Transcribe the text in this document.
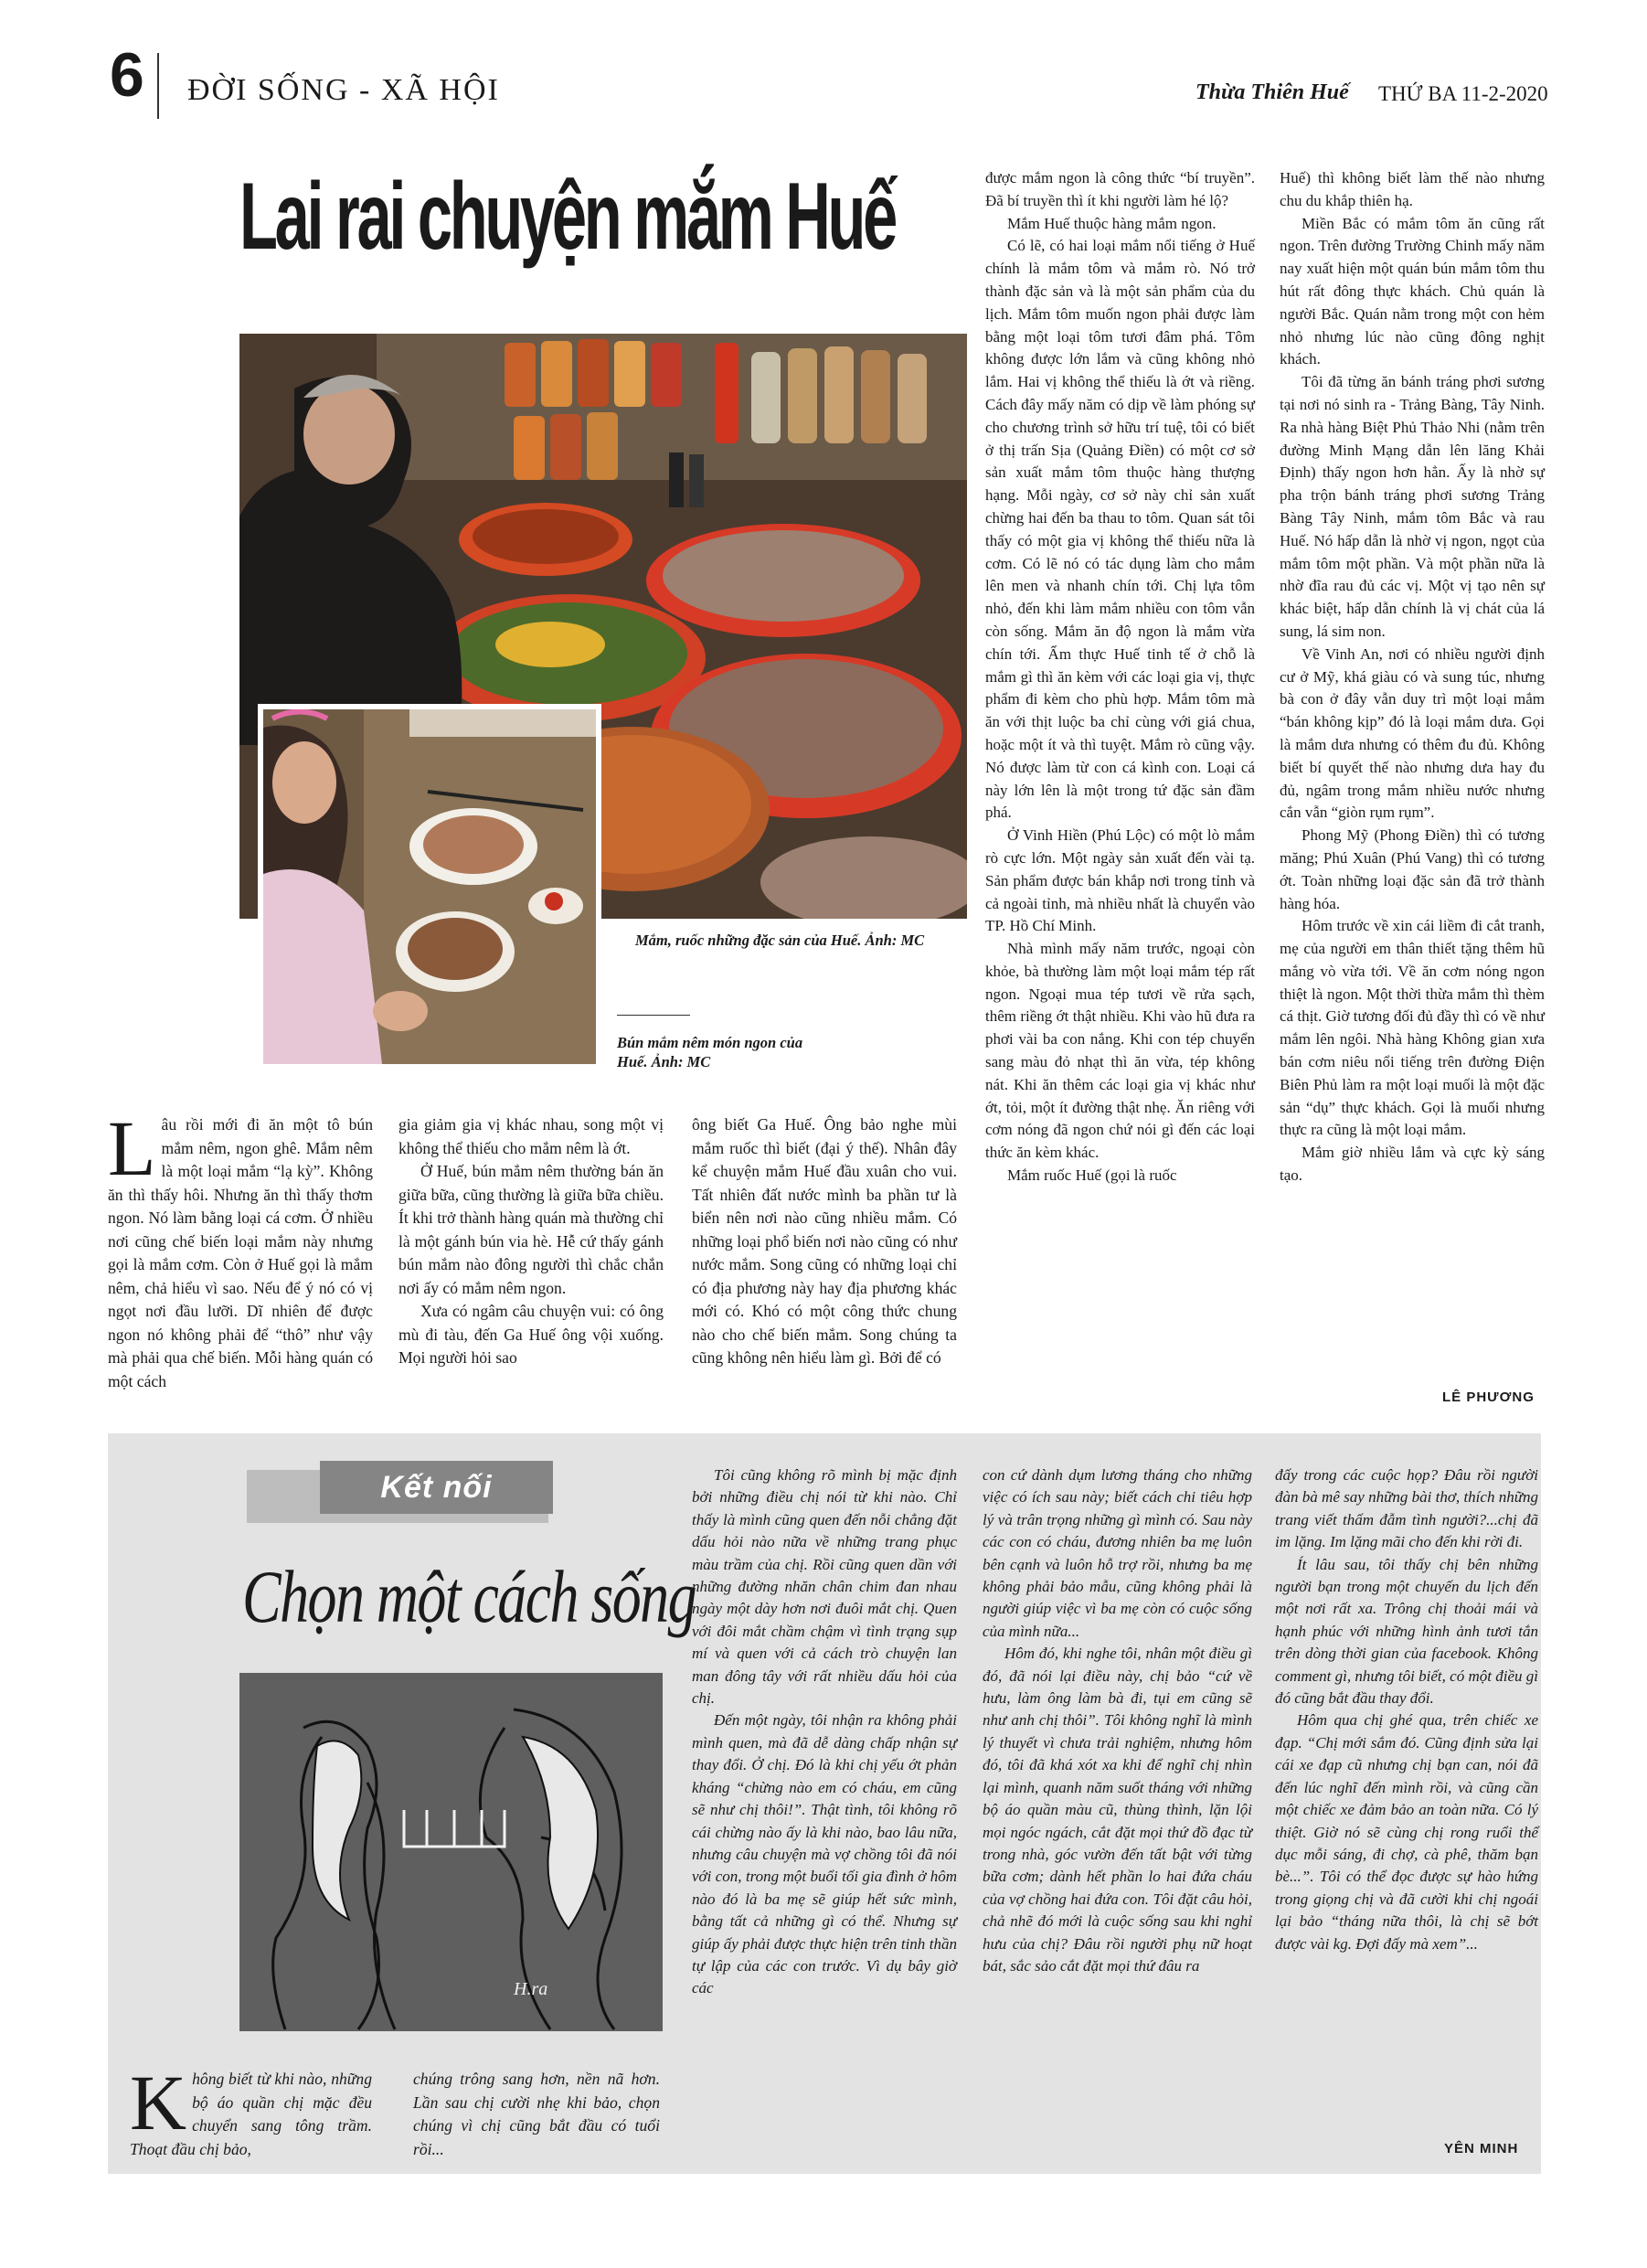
6 ĐỜI SỐNG - XÃ HỘI	Thừa Thiên Huế THỨ BA 11-2-2020
Lai rai chuyện mắm Huế
Mắm, ruốc những đặc sản của Huế. Ảnh: MC
Bún mắm nêm món ngon của Huế. Ảnh: MC
L âu rồi mới đi ăn một tô bún mắm nêm, ngon ghê. Mắm nêm là một loại mắm “lạ kỳ”. Không ăn thì thấy hôi. Nhưng ăn thì thấy thơm ngon. Nó làm bằng loại cá cơm. Ở nhiều nơi cũng chế biến loại mắm này nhưng gọi là mắm cơm. Còn ở Huế gọi là mắm nêm, chả hiểu vì sao. Nếu để ý nó có vị ngọt nơi đầu lưỡi. Dĩ nhiên để được ngon nó không phải để “thô” như vậy mà phải qua chế biến. Mỗi hàng quán có một cách

gia giảm gia vị khác nhau, song một vị không thể thiếu cho mắm nêm là ớt.

Ở Huế, bún mắm nêm thường bán ăn giữa bữa, cũng thường là giữa bữa chiều. Ít khi trở thành hàng quán mà thường chỉ là một gánh bún via hè. Hễ cứ thấy gánh bún mắm nào đông người thì chắc chắn nơi ấy có mắm nêm ngon.

Xưa có ngâm câu chuyện vui: có ông mù đi tàu, đến Ga Huế ông vội xuống. Mọi người hỏi sao

ông biết Ga Huế. Ông bảo nghe mùi mắm ruốc thì biết (đại ý thế). Nhân đây kể chuyện mắm Huế đầu xuân cho vui. Tất nhiên đất nước mình ba phần tư là biển nên nơi nào cũng nhiều mắm. Có những loại phổ biến nơi nào cũng có như nước mắm. Song cũng có những loại chỉ có địa phương này hay địa phương khác mới có. Khó có một công thức chung nào cho chế biến mắm. Song chúng ta cũng không nên hiểu làm gì. Bởi để có

được mắm ngon là công thức “bí truyền”. Đã bí truyền thì ít khi người làm hé lộ?

Mắm Huế thuộc hàng mắm ngon.

Có lẽ, có hai loại mắm nổi tiếng ở Huế chính là mắm tôm và mắm rò. Nó trở thành đặc sản và là một sản phẩm của du lịch. Mắm tôm muốn ngon phải được làm bằng một loại tôm tươi đâm phá. Tôm không được lớn lắm và cũng không nhỏ lắm. Hai vị không thể thiếu là ớt và riềng. Cách đây mấy năm có dịp về làm phóng sự cho chương trình sở hữu trí tuệ, tôi có biết ở thị trấn Sịa (Quảng Điền) có một cơ sở sản xuất mắm tôm thuộc hàng thượng hạng. Mỗi ngày, cơ sở này chỉ sản xuất chừng hai đến ba thau to tôm. Quan sát tôi thấy có một gia vị không thể thiếu nữa là cơm. Có lẽ nó có tác dụng làm cho mắm lên men và nhanh chín tới. Chị lựa tôm nhỏ, đến khi làm mắm nhiều con tôm vẫn còn sống. Mắm ăn độ ngon là mắm vừa chín tới. Ẩm thực Huế tinh tế ở chỗ là mắm gì thì ăn kèm với các loại gia vị, thực phẩm đi kèm cho phù hợp. Mắm tôm mà ăn với thịt luộc ba chỉ cùng với giá chua, hoặc một ít và thì tuyệt. Mắm rò cũng vậy. Nó được làm từ con cá kình con. Loại cá này lớn lên là một trong tứ đặc sản đầm phá.

Ở Vinh Hiền (Phú Lộc) có một lò mắm rò cực lớn. Một ngày sản xuất đến vài tạ. Sản phẩm được bán khắp nơi trong tỉnh và cả ngoài tỉnh, mà nhiều nhất là chuyển vào TP. Hồ Chí Minh.

Nhà mình mấy năm trước, ngoại còn khỏe, bà thường làm một loại mắm tép rất ngon. Ngoại mua tép tươi về rửa sạch, thêm riềng ớt thật nhiều. Khi vào hũ đưa ra phơi vài ba con nắng. Khi con tép chuyển sang màu đỏ nhạt thì ăn vừa, tép không nát. Khi ăn thêm các loại gia vị khác như ớt, tỏi, một ít đường thật nhẹ. Ăn riêng với cơm nóng đã ngon chứ nói gì đến các loại thức ăn kèm khác.

Mắm ruốc Huế (gọi là ruốc

Huế) thì không biết làm thế nào nhưng chu du khắp thiên hạ.

Miền Bắc có mắm tôm ăn cũng rất ngon. Trên đường Trường Chinh mấy năm nay xuất hiện một quán bún mắm tôm thu hút rất đông thực khách. Chủ quán là người Bắc. Quán nằm trong một con hẻm nhỏ nhưng lúc nào cũng đông nghịt khách.

Tôi đã từng ăn bánh tráng phơi sương tại nơi nó sinh ra - Trảng Bàng, Tây Ninh. Ra nhà hàng Biệt Phủ Thảo Nhi (nằm trên đường Minh Mạng dẫn lên lăng Khải Định) thấy ngon hơn hẳn. Ấy là nhờ sự pha trộn bánh tráng phơi sương Trảng Bàng Tây Ninh, mắm tôm Bắc và rau Huế. Nó hấp dẫn là nhờ vị ngon, ngọt của mắm tôm một phần. Và một phần nữa là nhờ đĩa rau đủ các vị. Một vị tạo nên sự khác biệt, hấp dẫn chính là vị chát của lá sung, lá sim non.

Về Vinh An, nơi có nhiều người định cư ở Mỹ, khá giàu có và sung túc, nhưng bà con ở đây vẫn duy trì một loại mắm “bán không kịp” đó là loại mắm dưa. Gọi là mắm dưa nhưng có thêm đu đủ. Không biết bí quyết thế nào nhưng dưa hay đu đủ, ngâm trong mắm nhiều nước nhưng cắn vẫn “giòn rụm rụm”.

Phong Mỹ (Phong Điền) thì có tương măng; Phú Xuân (Phú Vang) thì có tương ớt. Toàn những loại đặc sản đã trở thành hàng hóa.

Hôm trước về xin cái liềm đi cắt tranh, mẹ của người em thân thiết tặng thêm hũ mắng vò vừa tới. Về ăn cơm nóng ngon thiệt là ngon. Một thời thừa mắm thì thèm cá thịt. Giờ tương đối đủ đầy thì có về như mắm lên ngôi. Nhà hàng Không gian xưa bán cơm niêu nổi tiếng trên đường Điện Biên Phủ làm ra một loại muối là một đặc sản “dụ” thực khách. Gọi là muối nhưng thực ra cũng là một loại mắm.

Mắm giờ nhiều lắm và cực kỳ sáng tạo.

LÊ PHƯƠNG
Kết nối
Chọn một cách sống
H.ra
K hông biết từ khi nào, những bộ áo quần chị mặc đều chuyển sang tông trầm. Thoạt đầu chị bảo,

chúng trông sang hơn, nền nã hơn. Lần sau chị cười nhẹ khi bảo, chọn chúng vì chị cũng bắt đầu có tuổi rồi...

Tôi cũng không rõ mình bị mặc định bởi những điều chị nói từ khi nào. Chỉ thấy là mình cũng quen đến nỗi chẳng đặt dấu hỏi nào nữa về những trang phục màu trầm của chị. Rồi cũng quen dần với những đường nhăn chân chim đan nhau ngày một dày hơn nơi đuôi mắt chị. Quen với đôi mắt chầm chậm vì tình trạng sụp mí và quen với cả cách trò chuyện lan man đông tây với rất nhiều dấu hỏi của chị.

Đến một ngày, tôi nhận ra không phải mình quen, mà đã dễ dàng chấp nhận sự thay đổi. Ở chị. Đó là khi chị yếu ớt phản kháng “chừng nào em có cháu, em cũng sẽ như chị thôi!”. Thật tình, tôi không rõ cái chừng nào ấy là khi nào, bao lâu nữa, nhưng câu chuyện mà vợ chồng tôi đã nói với con, trong một buổi tối gia đình ở hôm nào đó là ba mẹ sẽ giúp hết sức mình, bằng tất cả những gì có thể. Nhưng sự giúp ấy phải được thực hiện trên tinh thần tự lập của các con trước. Vì dụ bây giờ các

con cứ dành dụm lương tháng cho những việc có ích sau này; biết cách chi tiêu hợp lý và trân trọng những gì mình có. Sau này các con có cháu, đương nhiên ba mẹ luôn bên cạnh và luôn hỗ trợ rồi, nhưng ba mẹ không phải bảo mẫu, cũng không phải là người giúp việc vì ba mẹ còn có cuộc sống của mình nữa...

Hôm đó, khi nghe tôi, nhân một điều gì đó, đã nói lại điều này, chị bảo “cứ về hưu, làm ông làm bà đi, tụi em cũng sẽ như anh chị thôi”. Tôi không nghĩ là mình lý thuyết vì chưa trải nghiệm, nhưng hôm đó, tôi đã khá xót xa khi để nghĩ chị nhìn lại mình, quanh năm suốt tháng với những bộ áo quần màu cũ, thùng thình, lặn lội mọi ngóc ngách, cắt đặt mọi thứ đồ đạc từ trong nhà, góc vườn đến tất bật với từng bữa cơm; dành hết phần lo hai đứa cháu của vợ chồng hai đứa con. Tôi đặt câu hỏi, chả nhẽ đó mới là cuộc sống sau khi nghỉ hưu của chị? Đâu rồi người phụ nữ hoạt bát, sắc sảo cắt đặt mọi thứ đâu ra

đấy trong các cuộc họp? Đâu rồi người đàn bà mê say những bài thơ, thích những trang viết thấm đẫm tình người?...chị đã im lặng. Im lặng mãi cho đến khi rời đi.

Ít lâu sau, tôi thấy chị bên những người bạn trong một chuyến du lịch đến một nơi rất xa. Trông chị thoải mái và hạnh phúc với những hình ảnh tươi tắn trên dòng thời gian của facebook. Không comment gì, nhưng tôi biết, có một điều gì đó cũng bắt đầu thay đổi.

Hôm qua chị ghé qua, trên chiếc xe đạp. “Chị mới sắm đó. Cũng định sửa lại cái xe đạp cũ nhưng chị bạn can, nói đã đến lúc nghĩ đến mình rồi, và cũng cần một chiếc xe đảm bảo an toàn nữa. Có lý thiệt. Giờ nó sẽ cùng chị rong ruổi thể dục mỗi sáng, đi chợ, cà phê, thăm bạn bè...”. Tôi có thể đọc được sự hào hứng trong giọng chị và đã cười khi chị ngoái lại bảo “tháng nữa thôi, là chị sẽ bớt được vài kg. Đợi đấy mà xem”...

YÊN MINH
